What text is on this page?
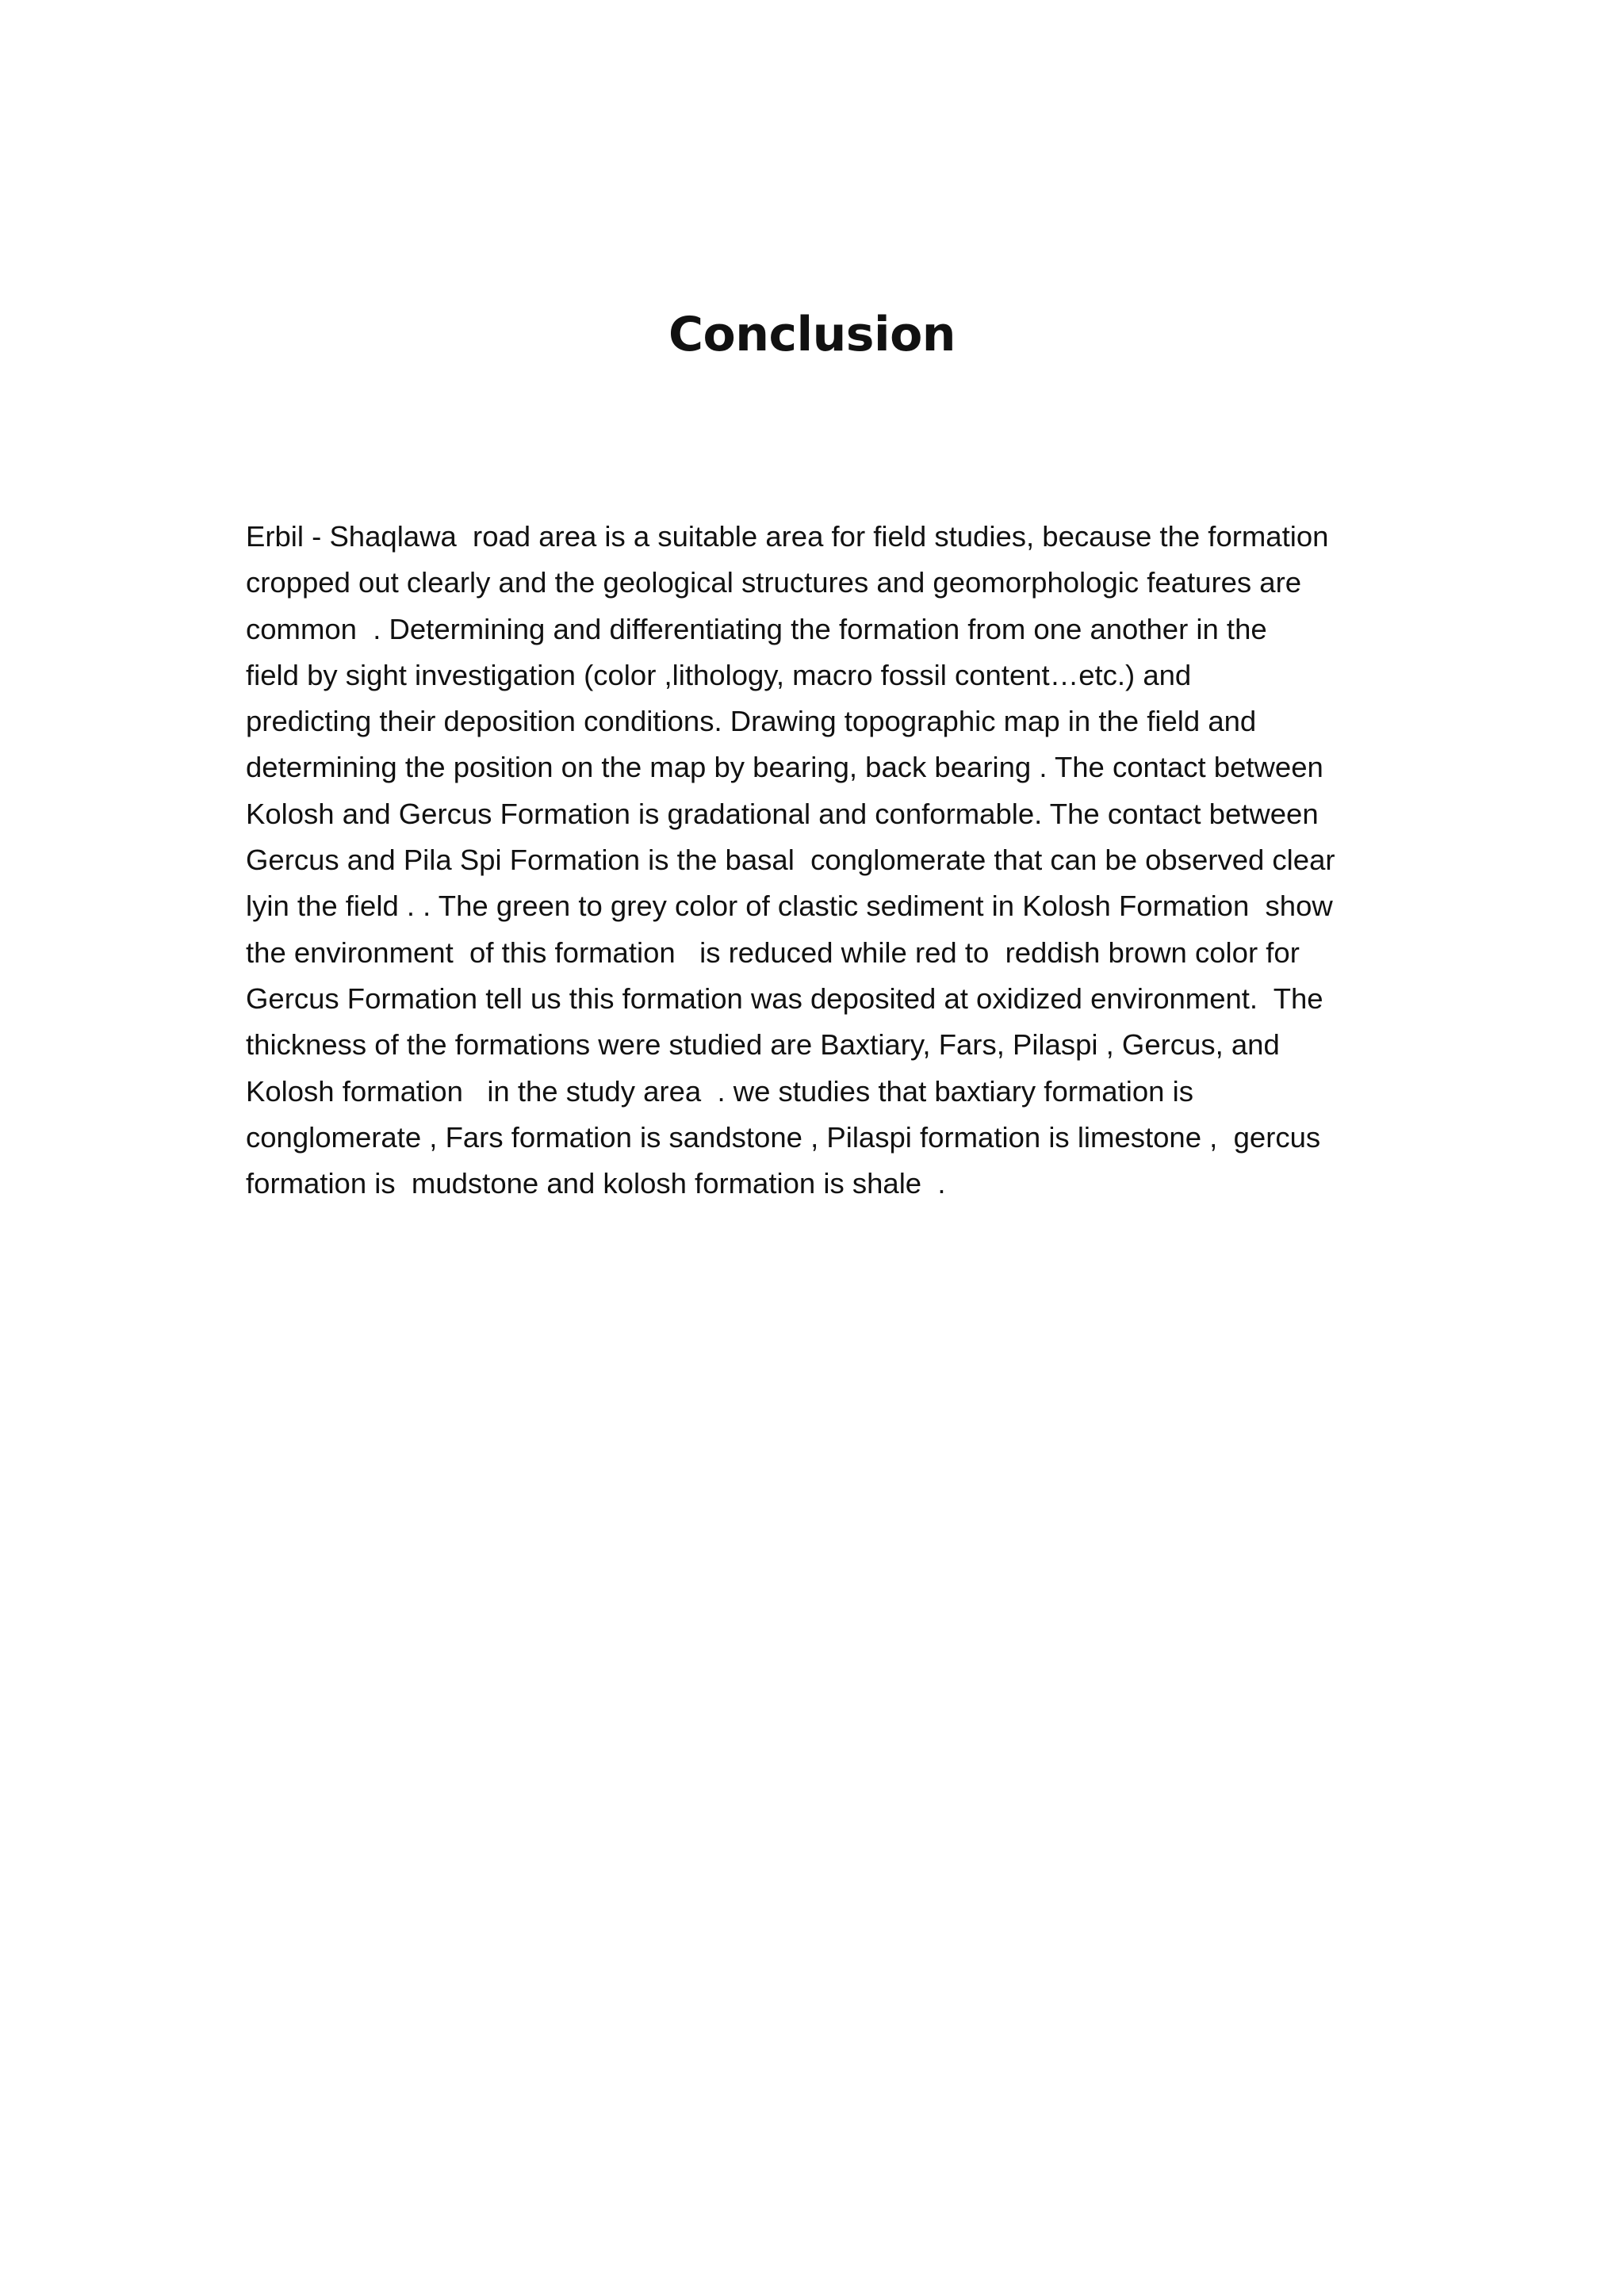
Conclusion

Erbil - Shaqlawa  road area is a suitable area for field studies, because the formation
cropped out clearly and the geological structures and geomorphologic features are
common  . Determining and differentiating the formation from one another in the
field by sight investigation (color ,lithology, macro fossil content…etc.) and
predicting their deposition conditions. Drawing topographic map in the field and
determining the position on the map by bearing, back bearing . The contact between
Kolosh and Gercus Formation is gradational and conformable. The contact between
Gercus and Pila Spi Formation is the basal  conglomerate that can be observed clear
lyin the field . . The green to grey color of clastic sediment in Kolosh Formation  show
the environment  of this formation   is reduced while red to  reddish brown color for
Gercus Formation tell us this formation was deposited at oxidized environment.  The
thickness of the formations were studied are Baxtiary, Fars, Pilaspi , Gercus, and
Kolosh formation   in the study area  . we studies that baxtiary formation is
conglomerate , Fars formation is sandstone , Pilaspi formation is limestone ,  gercus
formation is  mudstone and kolosh formation is shale  .
